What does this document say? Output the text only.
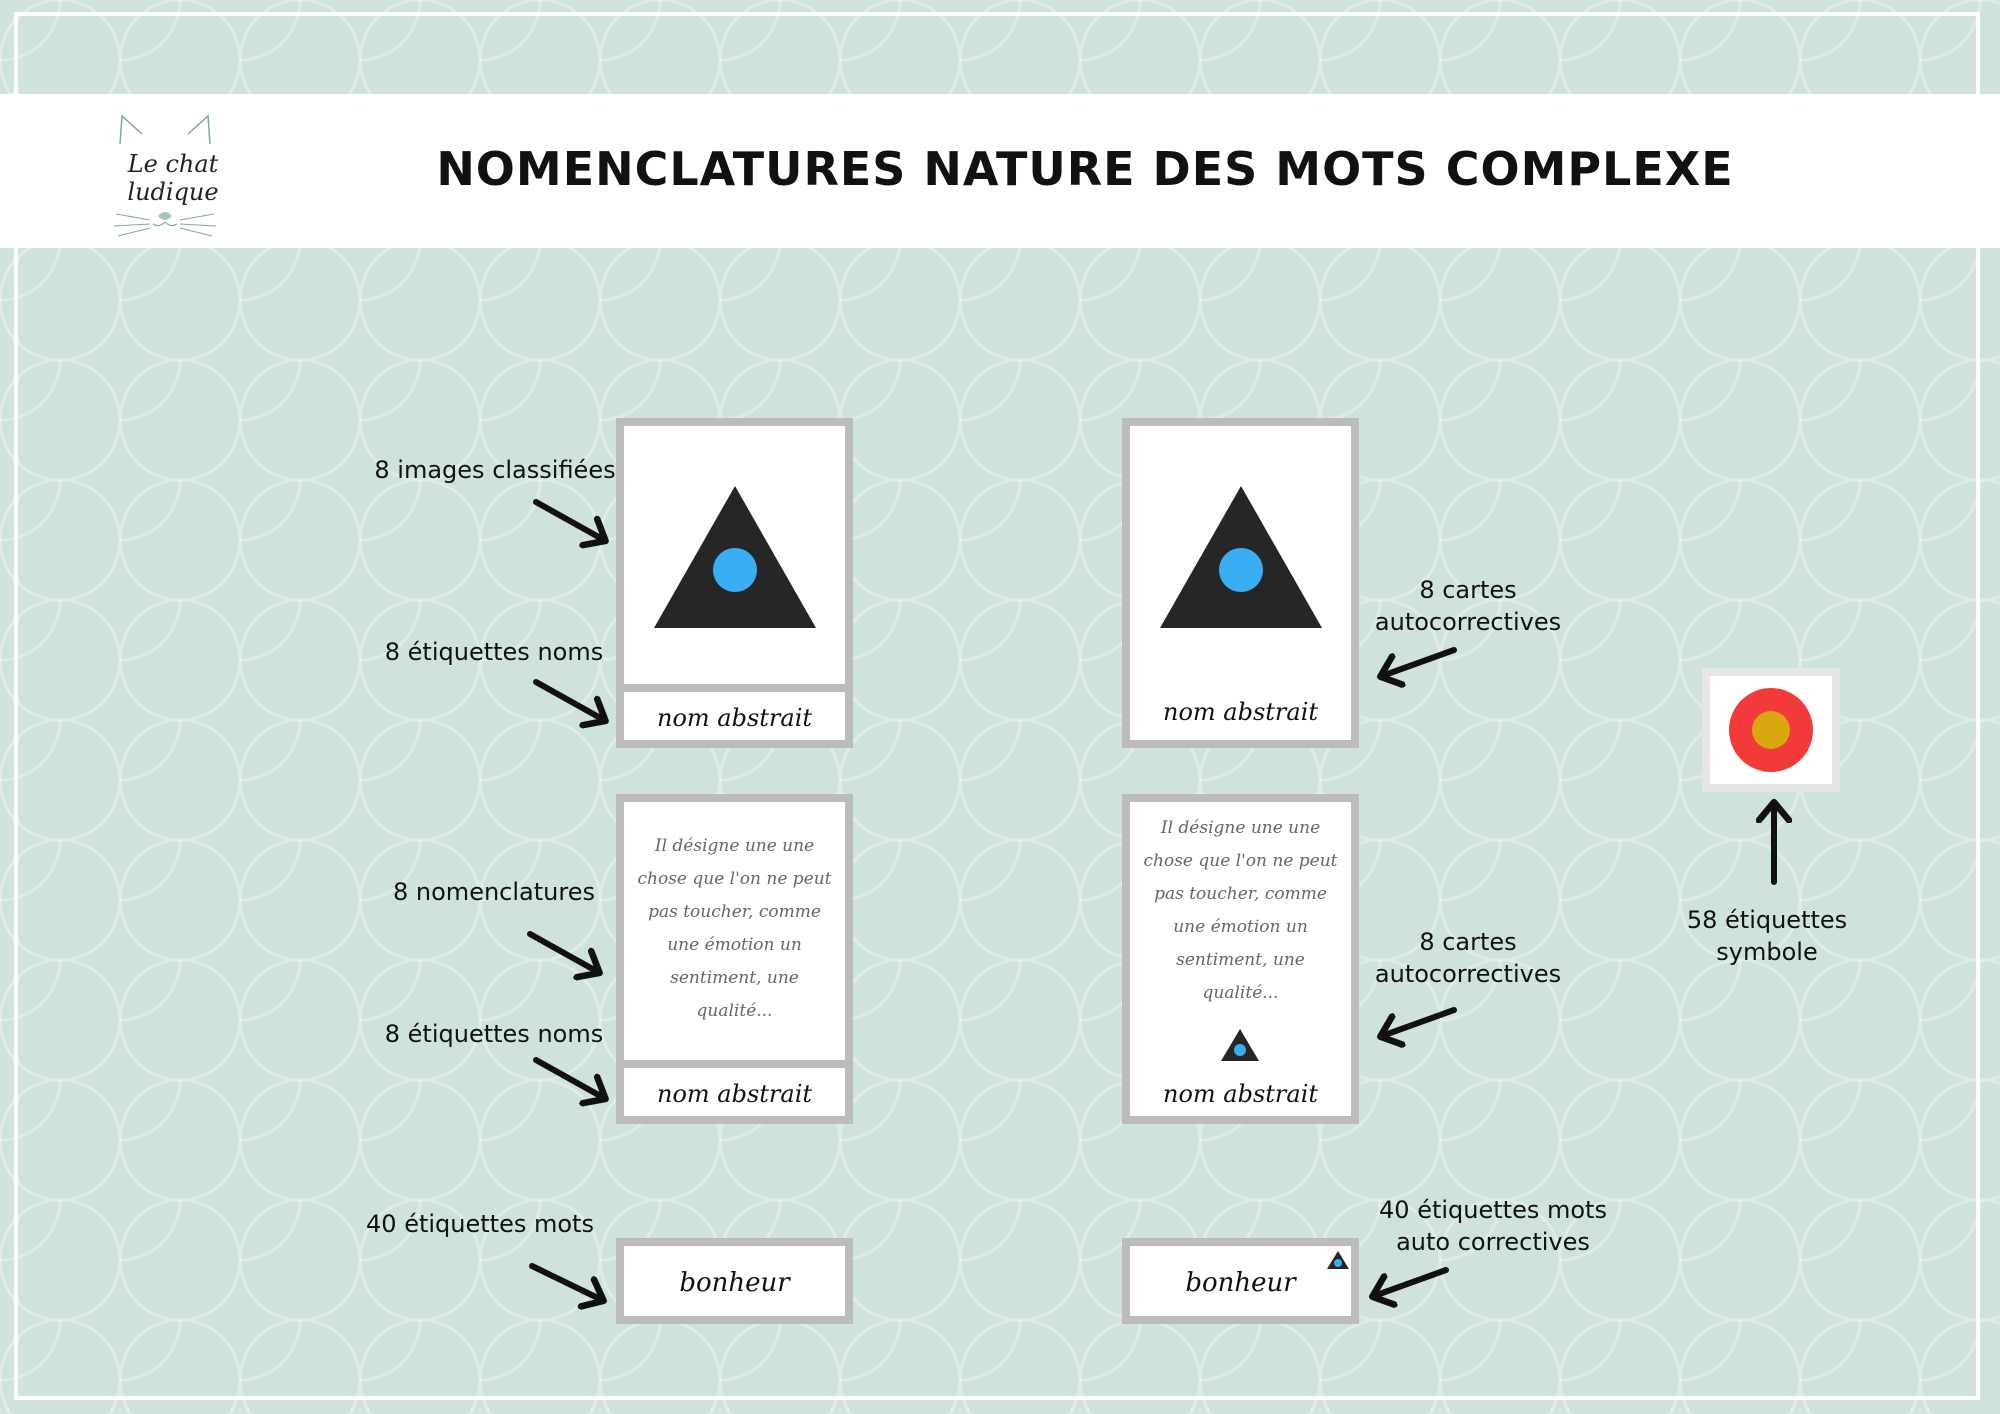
Le chat ludique	NOMENCLATURES NATURE DES MOTS COMPLEXE
nom abstrait
Il désigne une une chose que l'on ne peut pas toucher, comme une émotion un sentiment, une qualité...
nom abstrait
bonheur
nom abstrait
Il désigne une une chose que l'on ne peut pas toucher, comme une émotion un sentiment, une qualité...
nom abstrait
bonheur
8 images classifiées
8 étiquettes noms
8 nomenclatures
8 étiquettes noms
40 étiquettes mots
8 cartes
autocorrectives
8 cartes
autocorrectives
40 étiquettes mots
auto correctives
58 étiquettes
symbole
